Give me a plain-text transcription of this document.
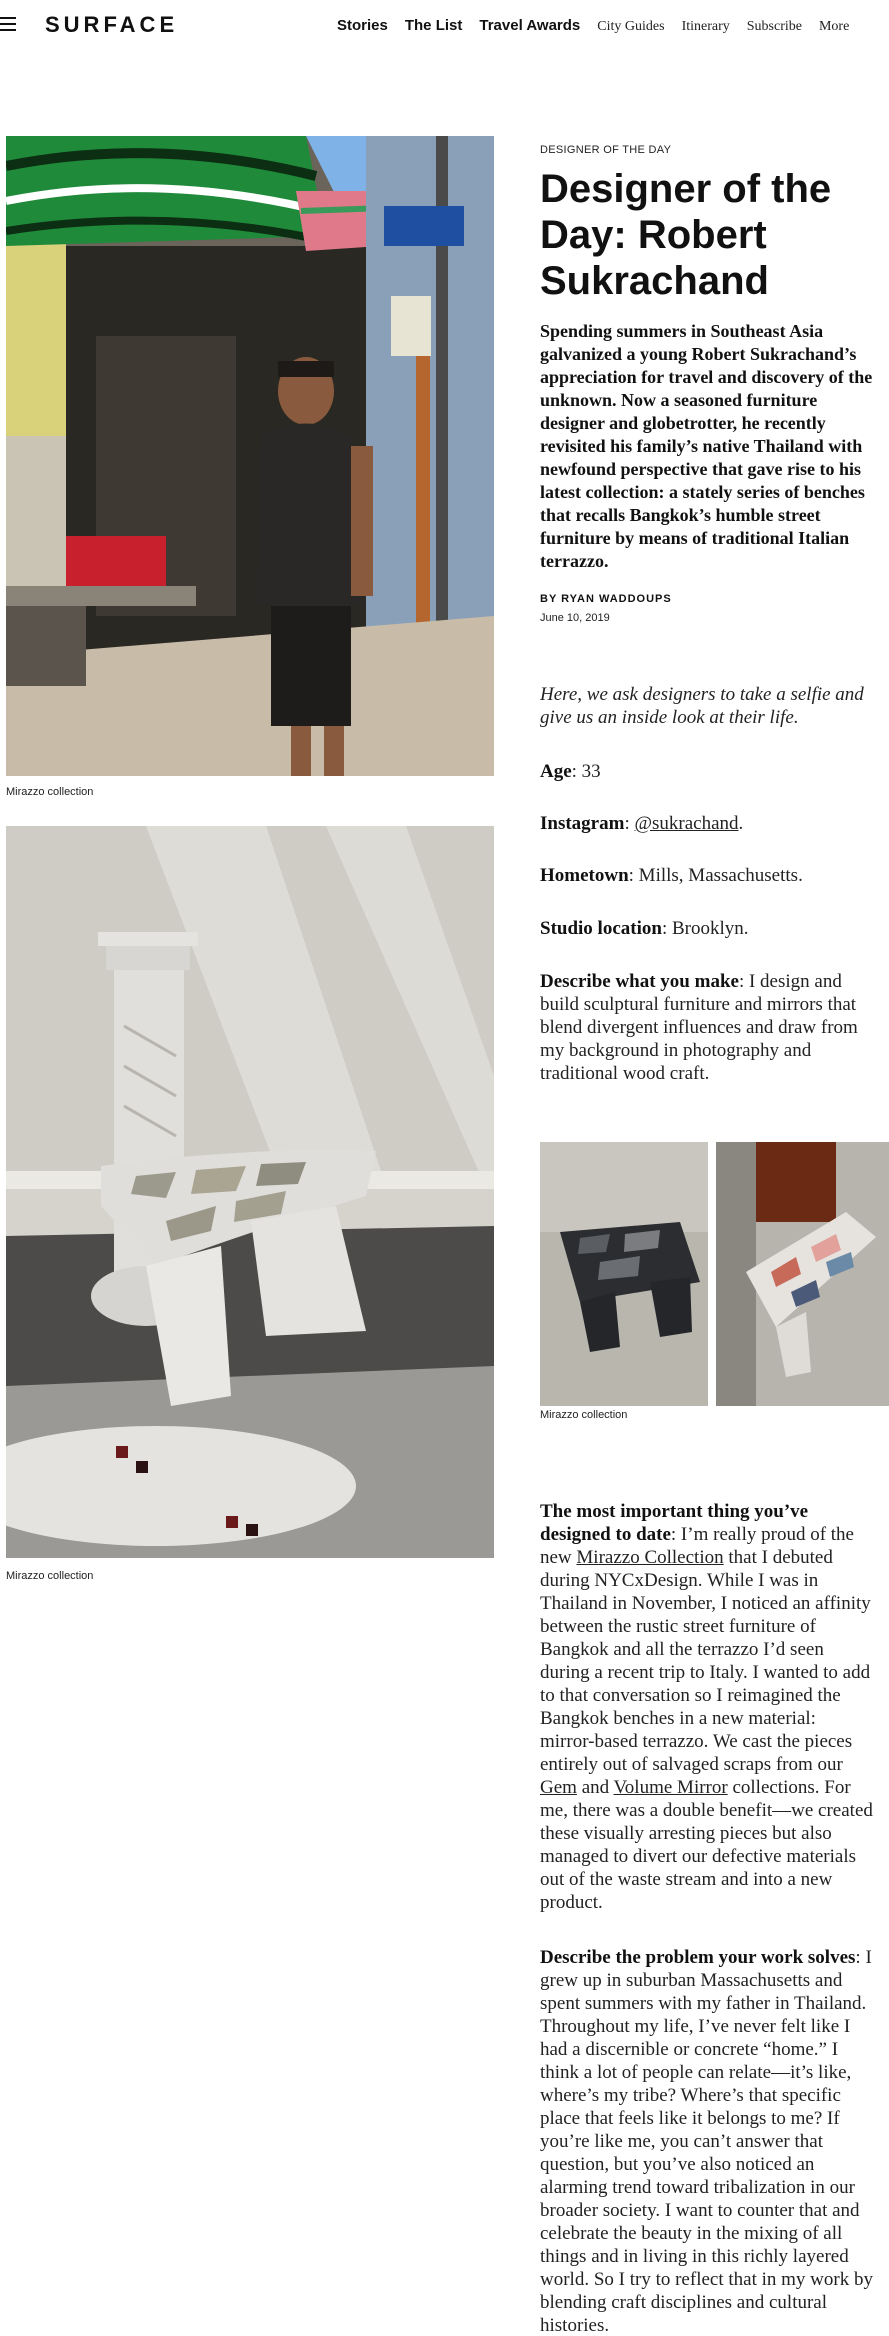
SURFACE	Stories The List Travel Awards City Guides Itinerary Subscribe More
Mirazzo collection
Mirazzo collection
DESIGNER OF THE DAY
Designer of the Day: Robert Sukrachand

Spending summers in Southeast Asia galvanized a young Robert Sukrachand’s appreciation for travel and discovery of the unknown. Now a seasoned furniture designer and globetrotter, he recently revisited his family’s native Thailand with newfound perspective that gave rise to his latest collection: a stately series of benches that recalls Bangkok’s humble street furniture by means of traditional Italian terrazzo.

BY RYAN WADDOUPS
June 10, 2019

Here, we ask designers to take a selfie and give us an inside look at their life.

Age: 33

Instagram: @sukrachand.

Hometown: Mills, Massachusetts.

Studio location: Brooklyn.

Describe what you make: I design and build sculptural furniture and mirrors that blend divergent influences and draw from my background in photography and traditional wood craft.

Mirazzo collection

The most important thing you’ve designed to date: I’m really proud of the new Mirazzo Collection that I debuted during NYCxDesign. While I was in Thailand in November, I noticed an affinity between the rustic street furniture of Bangkok and all the terrazzo I’d seen during a recent trip to Italy. I wanted to add to that conversation so I reimagined the Bangkok benches in a new material: mirror-based terrazzo. We cast the pieces entirely out of salvaged scraps from our Gem and Volume Mirror collections. For me, there was a double benefit—we created these visually arresting pieces but also managed to divert our defective materials out of the waste stream and into a new product.

Describe the problem your work solves: I grew up in suburban Massachusetts and spent summers with my father in Thailand. Throughout my life, I’ve never felt like I had a discernible or concrete “home.” I think a lot of people can relate—it’s like, where’s my tribe? Where’s that specific place that feels like it belongs to me? If you’re like me, you can’t answer that question, but you’ve also noticed an alarming trend toward tribalization in our broader society. I want to counter that and celebrate the beauty in the mixing of all things and in living in this richly layered world. So I try to reflect that in my work by blending craft disciplines and cultural histories.
